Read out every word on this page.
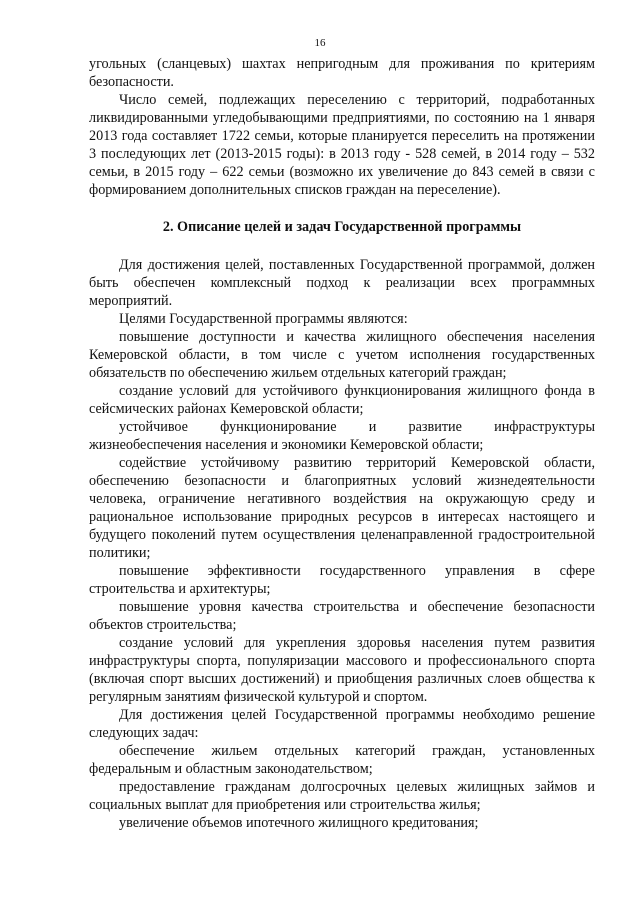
16

угольных (сланцевых) шахтах непригодным для проживания по критериям безопасности.

Число семей, подлежащих переселению с территорий, подработанных ликвидированными угледобывающими предприятиями, по состоянию на 1 января 2013 года составляет 1722 семьи, которые планируется переселить на протяжении 3 последующих лет (2013-2015 годы): в 2013 году - 528 семей, в 2014 году – 532 семьи, в 2015 году – 622 семьи (возможно их увеличение до 843 семей в связи с формированием дополнительных списков граждан на переселение).

2. Описание целей и задач Государственной программы

Для достижения целей, поставленных Государственной программой, должен быть обеспечен комплексный подход к реализации всех программных мероприятий.

Целями Государственной программы являются:

повышение доступности и качества жилищного обеспечения населения Кемеровской области, в том числе с учетом исполнения государственных обязательств по обеспечению жильем отдельных категорий граждан;

создание условий для устойчивого функционирования жилищного фонда в сейсмических районах Кемеровской области;

устойчивое функционирование и развитие инфраструктуры жизнеобеспечения населения и экономики Кемеровской области;

содействие устойчивому развитию территорий Кемеровской области, обеспечению безопасности и благоприятных условий жизнедеятельности человека, ограничение негативного воздействия на окружающую среду и рациональное использование природных ресурсов в интересах настоящего и будущего поколений путем осуществления целенаправленной градостроительной политики;

повышение эффективности государственного управления в сфере строительства и архитектуры;

повышение уровня качества строительства и обеспечение безопасности объектов строительства;

создание условий для укрепления здоровья населения путем развития инфраструктуры спорта, популяризации массового и профессионального спорта (включая спорт высших достижений) и приобщения различных слоев общества к регулярным занятиям физической культурой и спортом.

Для достижения целей Государственной программы необходимо решение следующих задач:

обеспечение жильем отдельных категорий граждан, установленных федеральным и областным законодательством;

предоставление гражданам долгосрочных целевых жилищных займов и социальных выплат для приобретения или строительства жилья;

увеличение объемов ипотечного жилищного кредитования;
